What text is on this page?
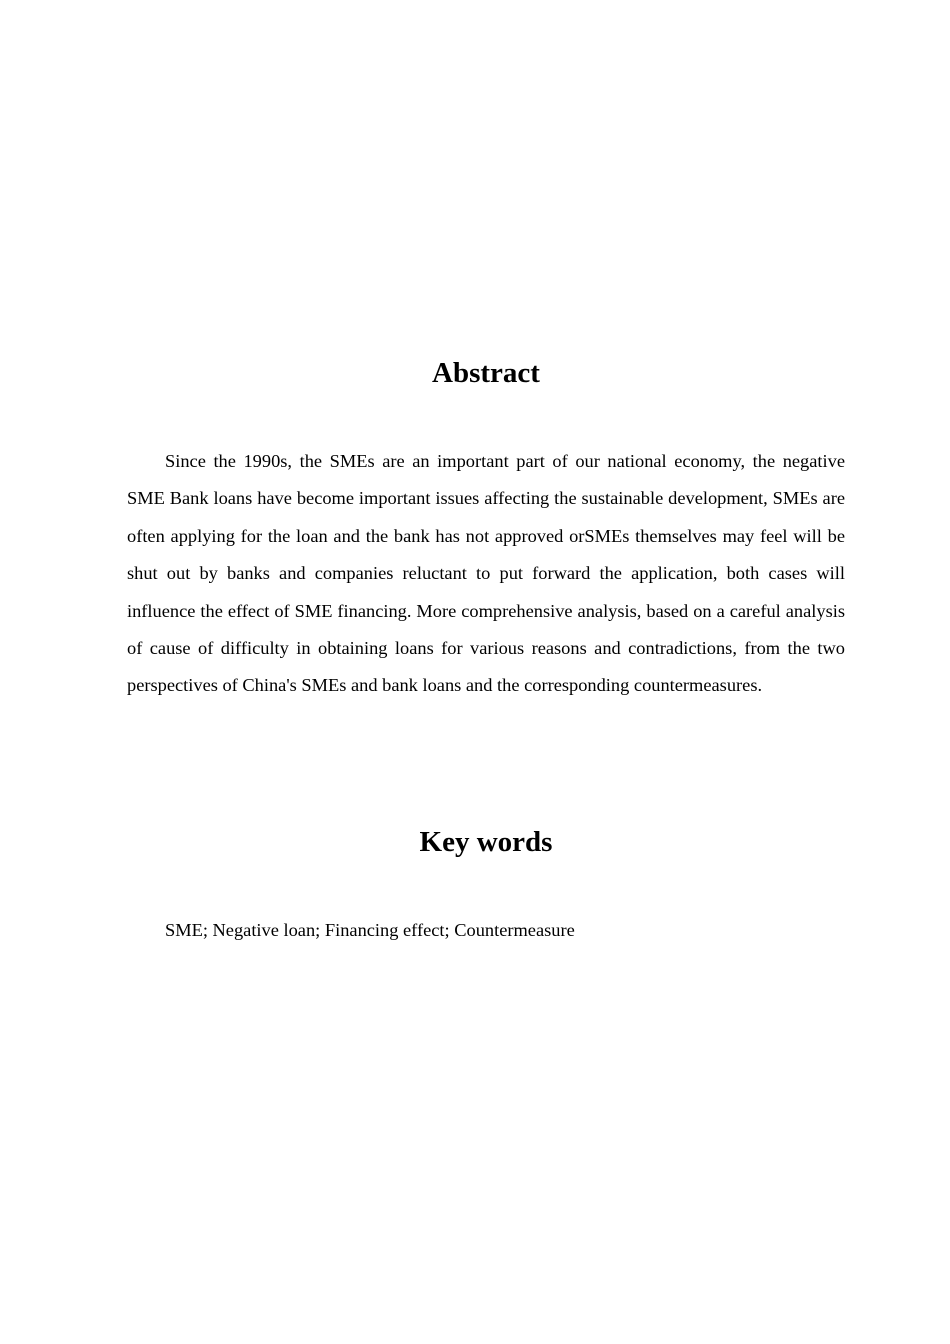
Abstract

Since the 1990s, the SMEs are an important part of our national economy, the negative SME Bank loans have become important issues affecting the sustainable development, SMEs are often applying for the loan and the bank has not approved orSMEs themselves may feel will be shut out by banks and companies reluctant to put forward the application, both cases will influence the effect of SME financing. More comprehensive analysis, based on a careful analysis of cause of difficulty in obtaining loans for various reasons and contradictions, from the two perspectives of China's SMEs and bank loans and the corresponding countermeasures.

Key words

SME; Negative loan; Financing effect; Countermeasure
